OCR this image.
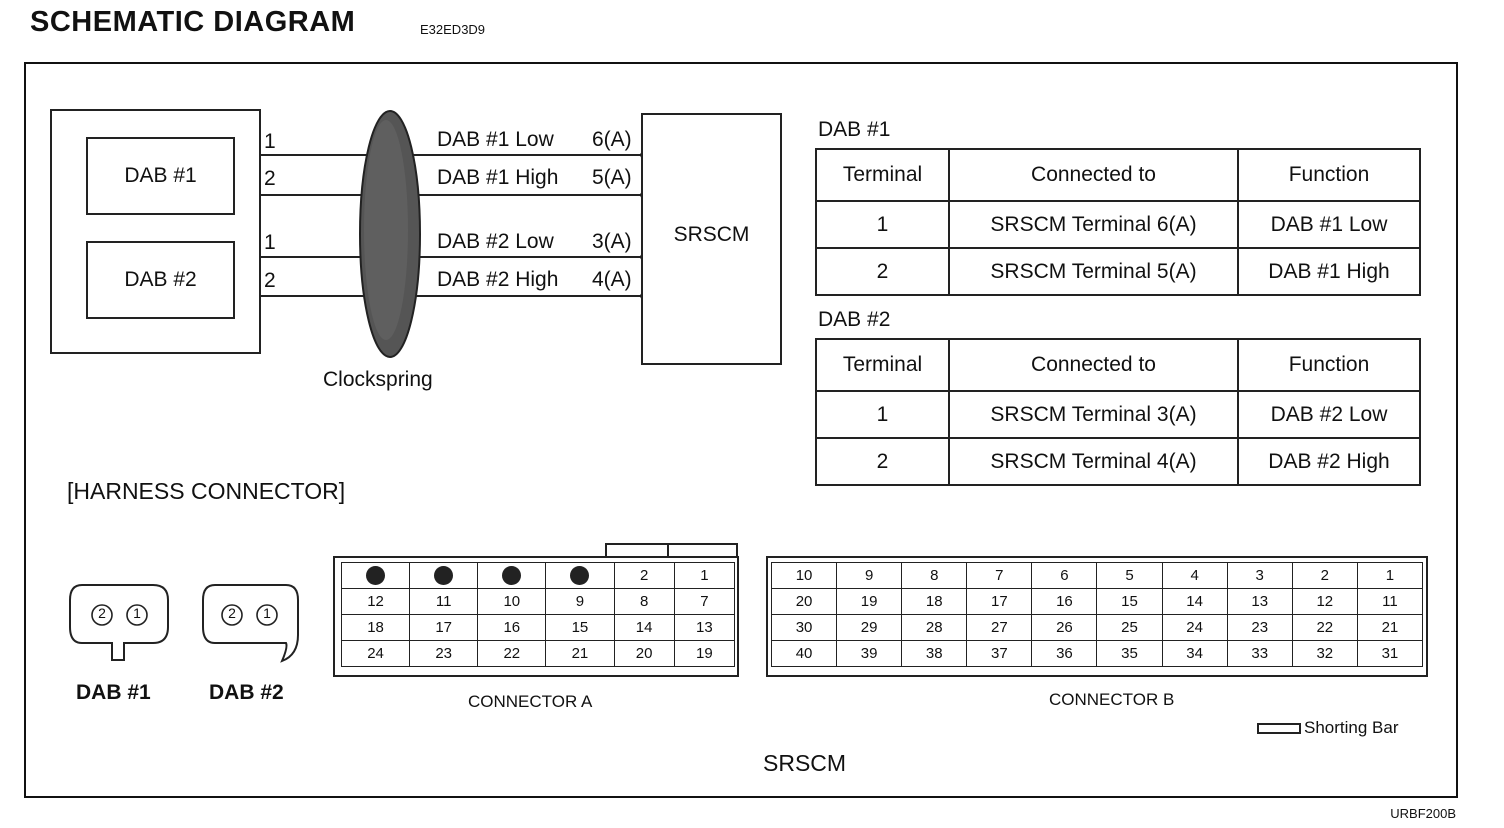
SCHEMATIC DIAGRAM	E32ED3D9
URBF200B
DAB #1
DAB #2
1
2
1
2
DAB #1 Low
DAB #1 High
DAB #2 Low
DAB #2 High
6(A)
5(A)
3(A)
4(A)
SRSCM
Clockspring
DAB #1
Terminal	Connected to	Function
1	SRSCM Terminal 6(A)	DAB #1 Low
2	SRSCM Terminal 5(A)	DAB #1 High
DAB #2
Terminal	Connected to	Function
1	SRSCM Terminal 3(A)	DAB #2 Low
2	SRSCM Terminal 4(A)	DAB #2 High
[HARNESS CONNECTOR]
2 1	2 1
DAB #1	DAB #2
				2	1
12	11	10	9	8	7
18	17	16	15	14	13
24	23	22	21	20	19
CONNECTOR A
10	9	8	7	6	5	4	3	2	1
20	19	18	17	16	15	14	13	12	11
30	29	28	27	26	25	24	23	22	21
40	39	38	37	36	35	34	33	32	31
CONNECTOR B
Shorting Bar
SRSCM
